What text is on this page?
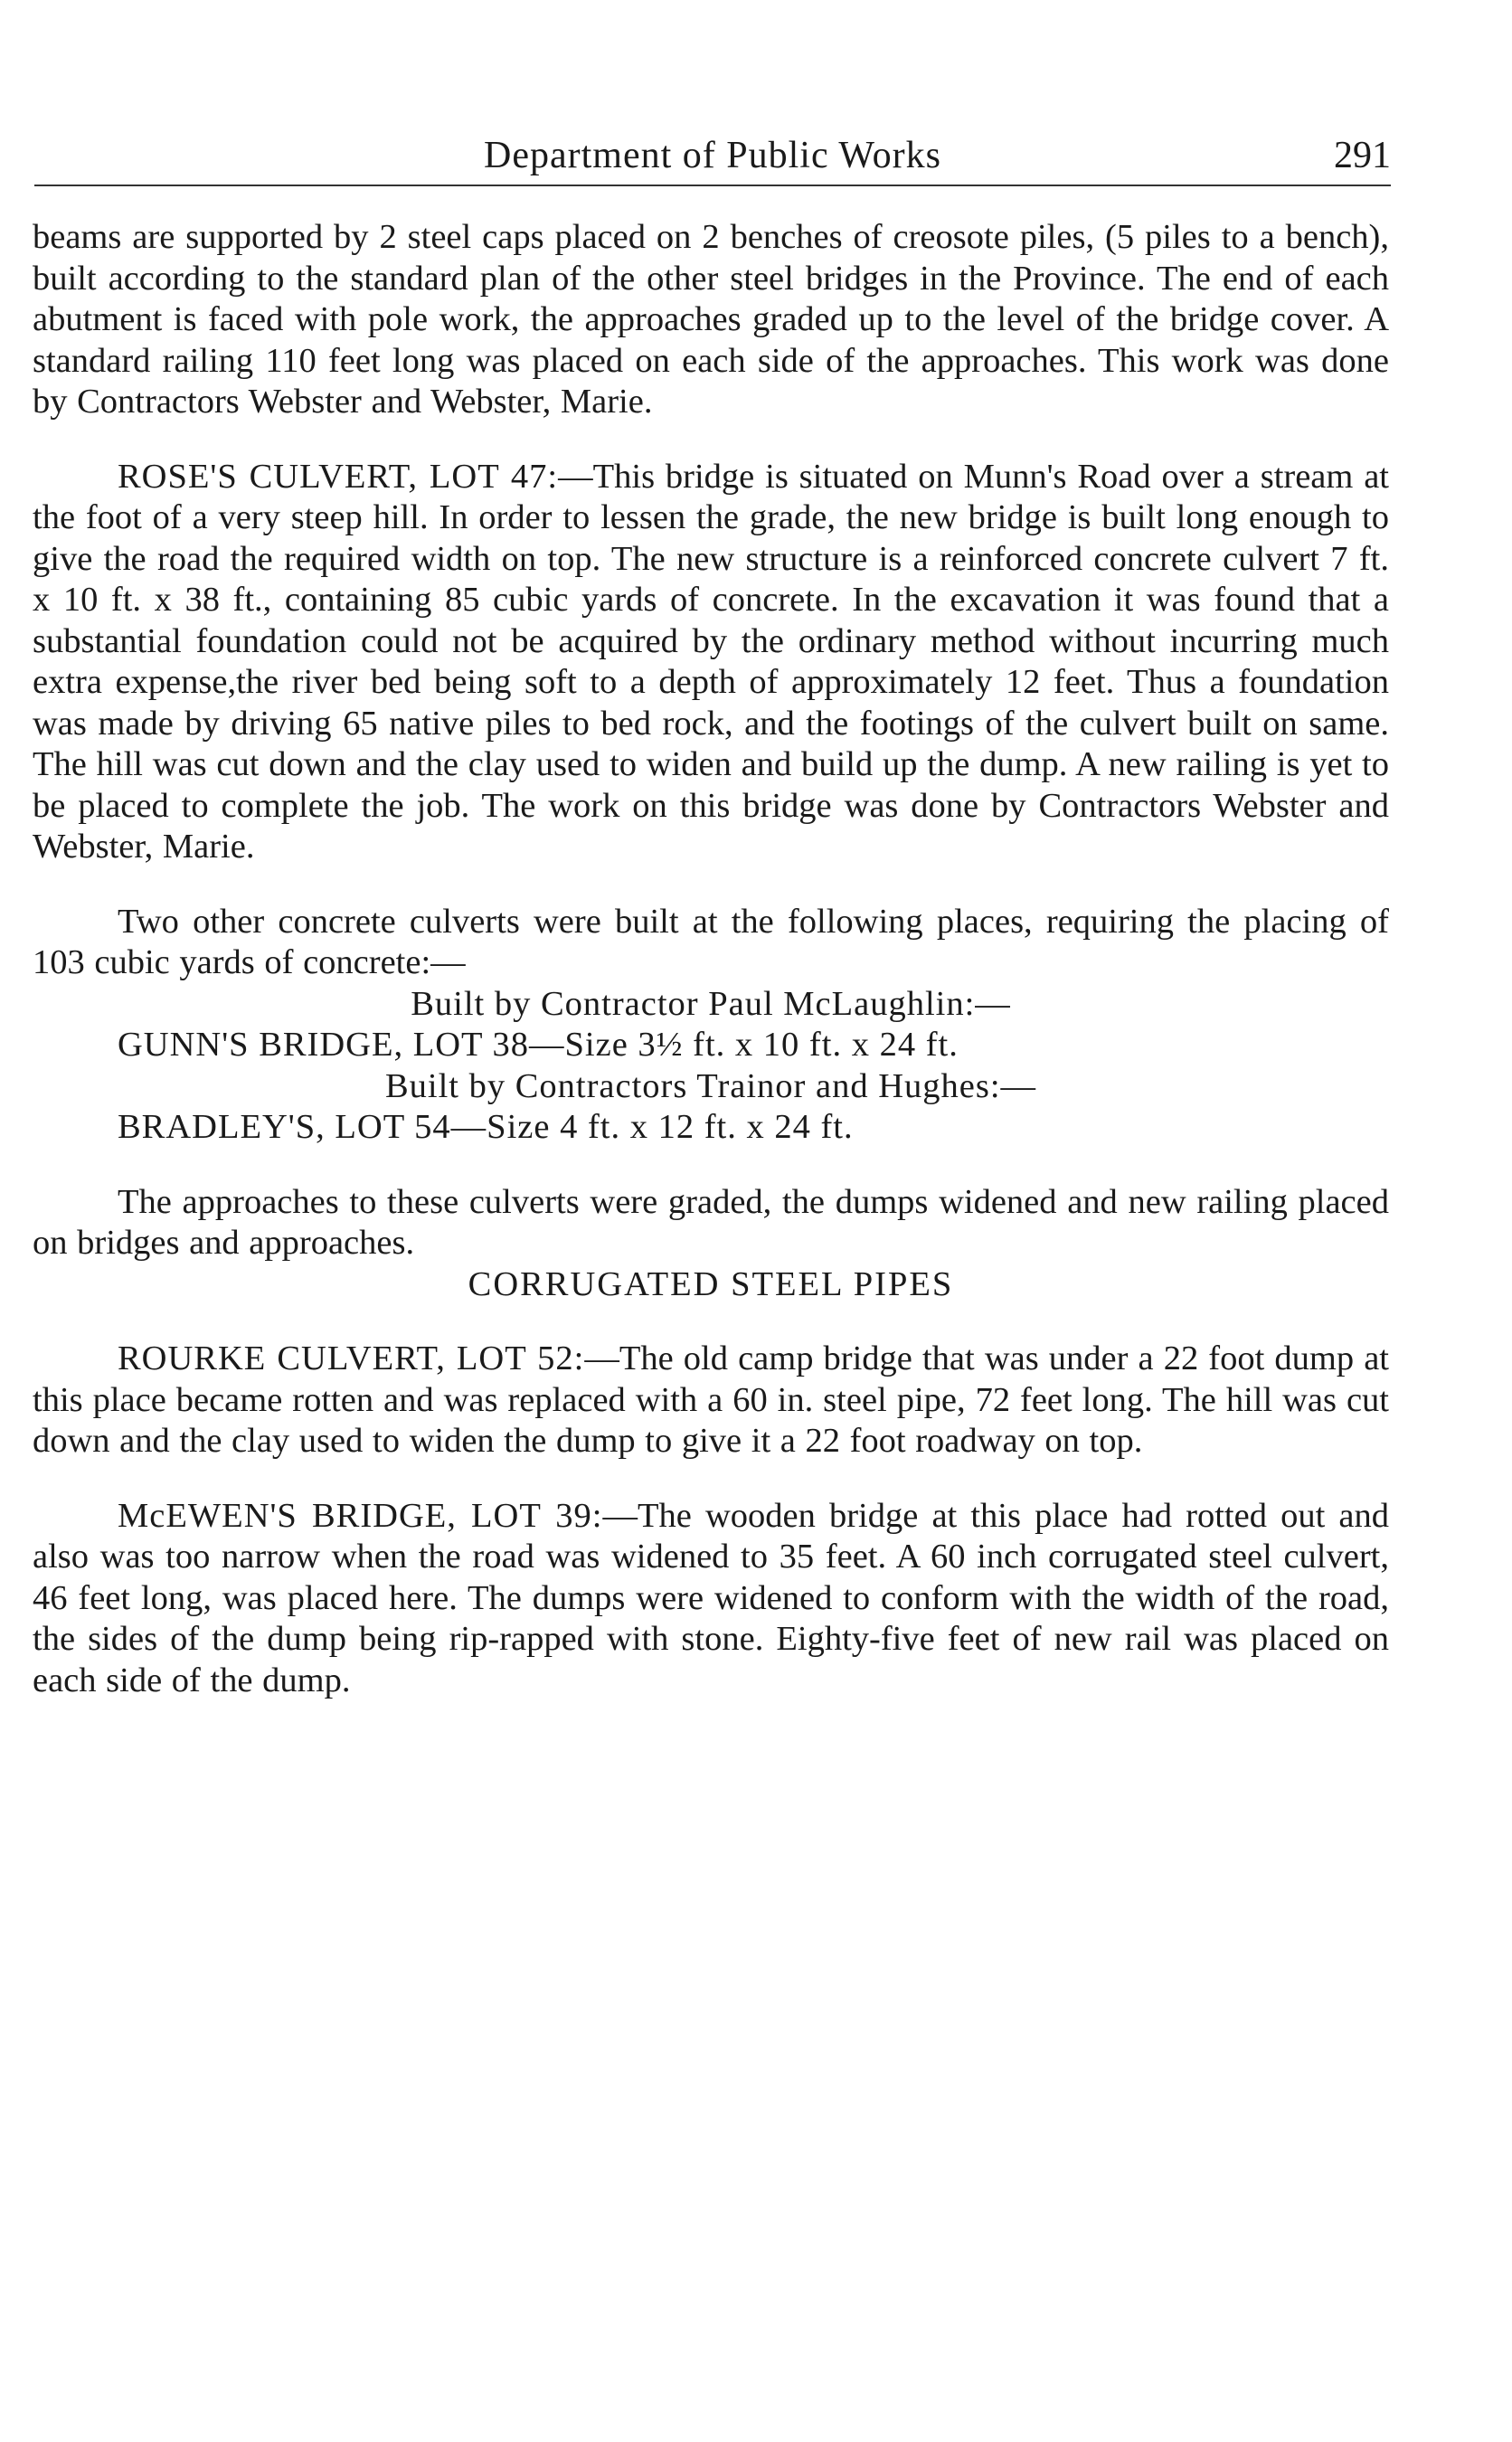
Department of Public Works	291

beams are supported by 2 steel caps placed on 2 benches of creosote piles, (5 piles to a bench), built according to the standard plan of the other steel bridges in the Province. The end of each abutment is faced with pole work, the approaches graded up to the level of the bridge cover. A standard railing 110 feet long was placed on each side of the approaches. This work was done by Contractors Webster and Webster, Marie.

ROSE'S CULVERT, LOT 47:—This bridge is situated on Munn's Road over a stream at the foot of a very steep hill. In order to lessen the grade, the new bridge is built long enough to give the road the required width on top. The new structure is a reinforced concrete culvert 7 ft. x 10 ft. x 38 ft., containing 85 cubic yards of concrete. In the excavation it was found that a substantial foundation could not be acquired by the ordinary method without incurring much extra expense,the river bed being soft to a depth of approximately 12 feet. Thus a foundation was made by driving 65 native piles to bed rock, and the footings of the culvert built on same. The hill was cut down and the clay used to widen and build up the dump. A new railing is yet to be placed to complete the job. The work on this bridge was done by Contractors Webster and Webster, Marie.

Two other concrete culverts were built at the following places, requiring the placing of 103 cubic yards of concrete:—

Built by Contractor Paul McLaughlin:—

GUNN'S BRIDGE, LOT 38—Size 3½ ft. x 10 ft. x 24 ft.

Built by Contractors Trainor and Hughes:—

BRADLEY'S, LOT 54—Size 4 ft. x 12 ft. x 24 ft.

The approaches to these culverts were graded, the dumps widened and new railing placed on bridges and approaches.

CORRUGATED STEEL PIPES

ROURKE CULVERT, LOT 52:—The old camp bridge that was under a 22 foot dump at this place became rotten and was replaced with a 60 in. steel pipe, 72 feet long. The hill was cut down and the clay used to widen the dump to give it a 22 foot roadway on top.

McEWEN'S BRIDGE, LOT 39:—The wooden bridge at this place had rotted out and also was too narrow when the road was widened to 35 feet. A 60 inch corrugated steel culvert, 46 feet long, was placed here. The dumps were widened to conform with the width of the road, the sides of the dump being rip-rapped with stone. Eighty-five feet of new rail was placed on each side of the dump.
